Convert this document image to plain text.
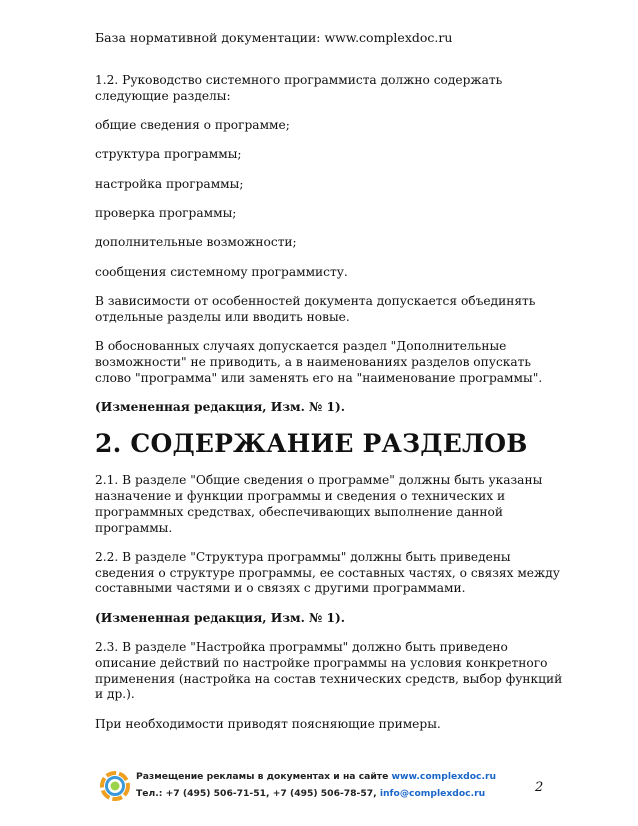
База нормативной документации: www.complexdoc.ru

1.2. Руководство системного программиста должно содержать следующие разделы:

общие сведения о программе;

структура программы;

настройка программы;

проверка программы;

дополнительные возможности;

сообщения системному программисту.

В зависимости от особенностей документа допускается объединять отдельные разделы или вводить новые.

В обоснованных случаях допускается раздел "Дополнительные возможности" не приводить, а в наименованиях разделов опускать слово "программа" или заменять его на "наименование программы".

(Измененная редакция, Изм. № 1).

2. СОДЕРЖАНИЕ РАЗДЕЛОВ

2.1. В разделе "Общие сведения о программе" должны быть указаны назначение и функции программы и сведения о технических и программных средствах, обеспечивающих выполнение данной программы.

2.2. В разделе "Структура программы" должны быть приведены сведения о структуре программы, ее составных частях, о связях между составными частями и о связях с другими программами.

(Измененная редакция, Изм. № 1).

2.3. В разделе "Настройка программы" должно быть приведено описание действий по настройке программы на условия конкретного применения (настройка на состав технических средств, выбор функций и др.).

При необходимости приводят поясняющие примеры.

Размещение рекламы в документах и на сайте www.complexdoc.ru
Тел.: +7 (495) 506-71-51, +7 (495) 506-78-57, info@complexdoc.ru	2
